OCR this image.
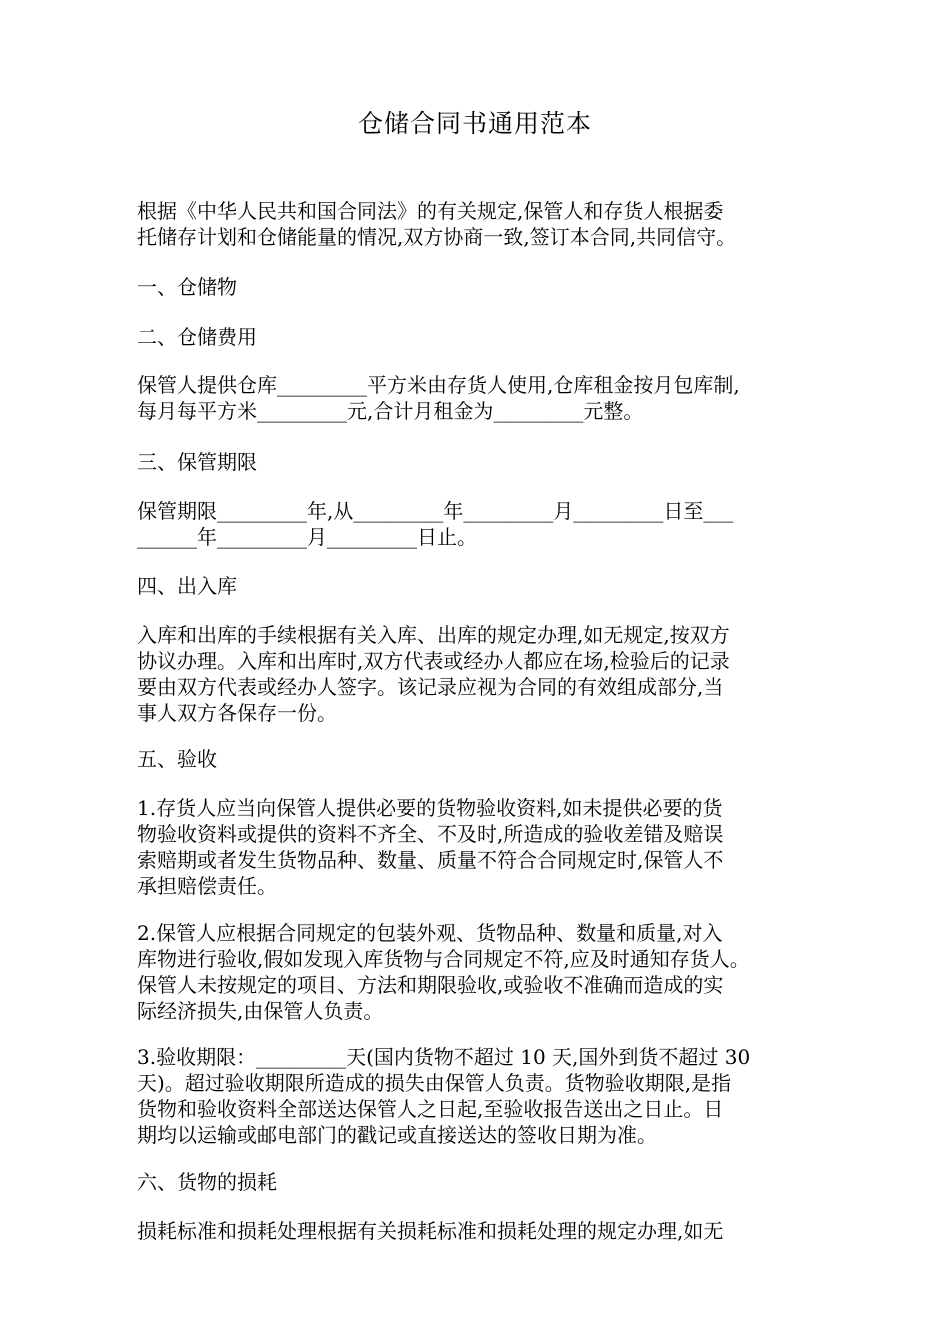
仓储合同书通用范本

根据《中华人民共和国合同法》的有关规定,保管人和存货人根据委
托储存计划和仓储能量的情况,双方协商一致,签订本合同,共同信守。

一、仓储物
二、仓储费用

保管人提供仓库_________平方米由存货人使用,仓库租金按月包库制,
每月每平方米_________元,合计月租金为_________元整。

三、保管期限

保管期限_________年,从_________年_________月_________日至___
______年_________月_________日止。

四、出入库

入库和出库的手续根据有关入库、出库的规定办理,如无规定,按双方
协议办理。入库和出库时,双方代表或经办人都应在场,检验后的记录
要由双方代表或经办人签字。该记录应视为合同的有效组成部分,当
事人双方各保存一份。

五、验收

1.存货人应当向保管人提供必要的货物验收资料,如未提供必要的货
物验收资料或提供的资料不齐全、不及时,所造成的验收差错及赔误
索赔期或者发生货物品种、数量、质量不符合合同规定时,保管人不
承担赔偿责任。

2.保管人应根据合同规定的包装外观、货物品种、数量和质量,对入
库物进行验收,假如发现入库货物与合同规定不符,应及时通知存货人。
保管人未按规定的项目、方法和期限验收,或验收不准确而造成的实
际经济损失,由保管人负责。

3.验收期限：_________天(国内货物不超过 10 天,国外到货不超过 30
天)。超过验收期限所造成的损失由保管人负责。货物验收期限,是指
货物和验收资料全部送达保管人之日起,至验收报告送出之日止。日
期均以运输或邮电部门的戳记或直接送达的签收日期为准。

六、货物的损耗

损耗标准和损耗处理根据有关损耗标准和损耗处理的规定办理,如无
